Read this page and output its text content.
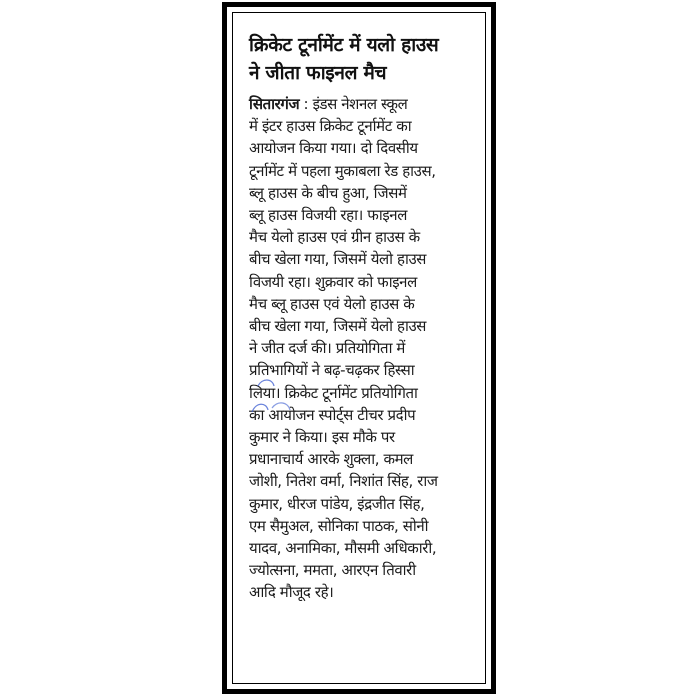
क्रिकेट टूर्नामेंट में यलो हाउस
ने जीता फाइनल मैच
सितारगंज : इंडस नेशनल स्कूल
में इंटर हाउस क्रिकेट टूर्नामेंट का
आयोजन किया गया। दो दिवसीय
टूर्नामेंट में पहला मुकाबला रेड हाउस,
ब्लू हाउस के बीच हुआ, जिसमें
ब्लू हाउस विजयी रहा। फाइनल
मैच येलो हाउस एवं ग्रीन हाउस के
बीच खेला गया, जिसमें येलो हाउस
विजयी रहा। शुक्रवार को फाइनल
मैच ब्लू हाउस एवं येलो हाउस के
बीच खेला गया, जिसमें येलो हाउस
ने जीत दर्ज की। प्रतियोगिता में
प्रतिभागियों ने बढ़-चढ़कर हिस्सा
लिया। क्रिकेट टूर्नामेंट प्रतियोगिता
का आयोजन स्पोर्ट्स टीचर प्रदीप
कुमार ने किया। इस मौके पर
प्रधानाचार्य आरके शुक्ला, कमल
जोशी, नितेश वर्मा, निशांत सिंह, राज
कुमार, धीरज पांडेय, इंद्रजीत सिंह,
एम सैमुअल, सोनिका पाठक, सोनी
यादव, अनामिका, मौसमी अधिकारी,
ज्योत्सना, ममता, आरएन तिवारी
आदि मौजूद रहे।
